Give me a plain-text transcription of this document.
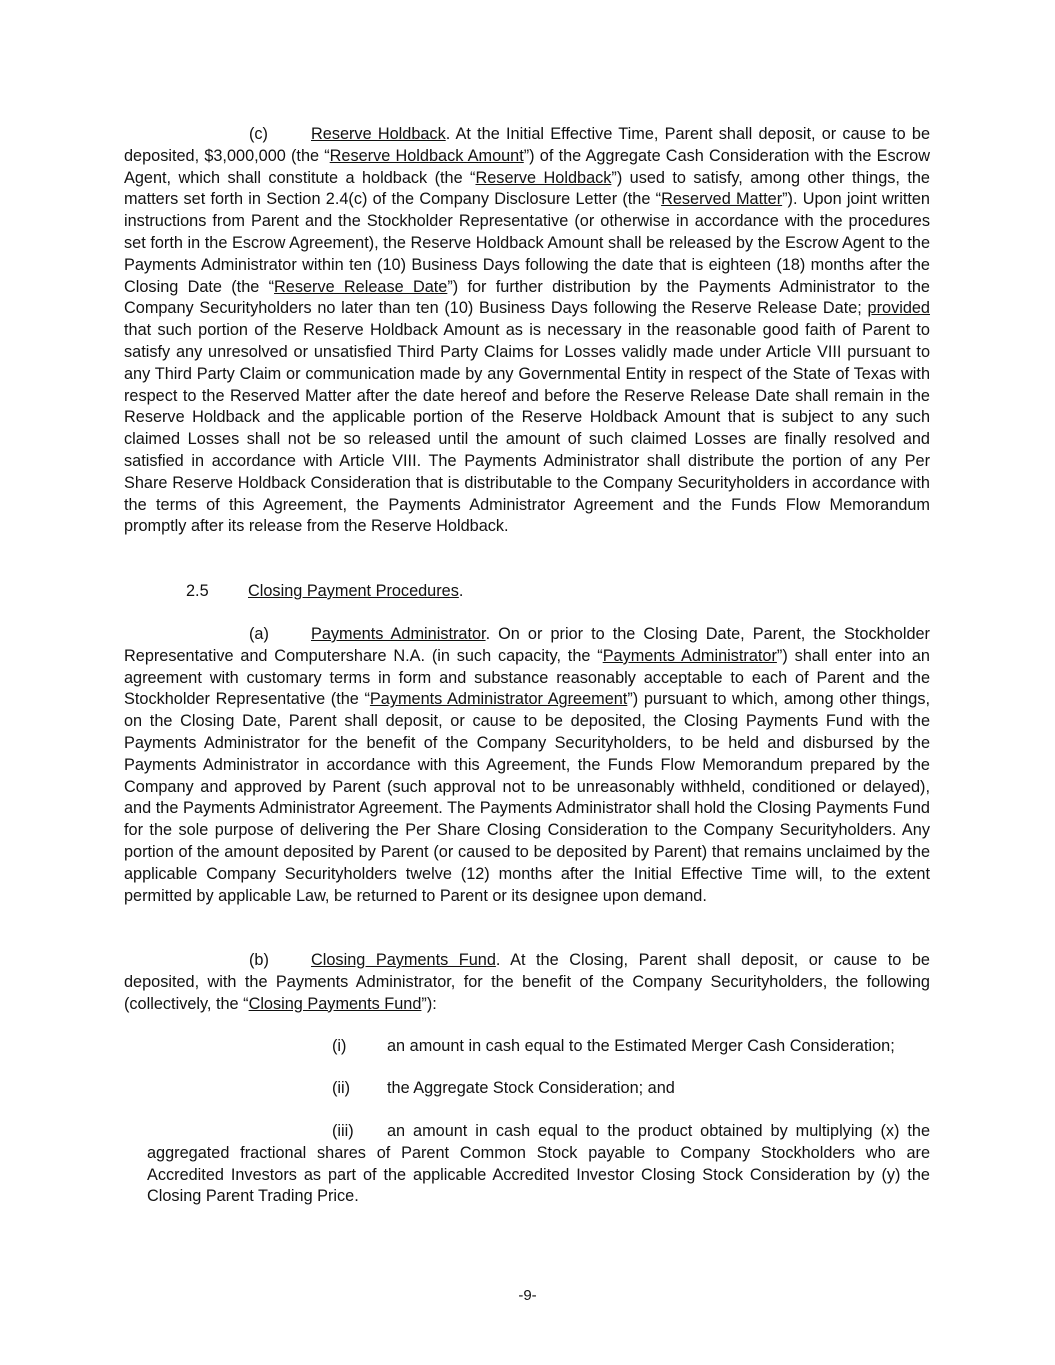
(c)	Reserve Holdback. At the Initial Effective Time, Parent shall deposit, or cause to be deposited, $3,000,000 (the “Reserve Holdback Amount”) of the Aggregate Cash Consideration with the Escrow Agent, which shall constitute a holdback (the “Reserve Holdback”) used to satisfy, among other things, the matters set forth in Section 2.4(c) of the Company Disclosure Letter (the “Reserved Matter”). Upon joint written instructions from Parent and the Stockholder Representative (or otherwise in accordance with the procedures set forth in the Escrow Agreement), the Reserve Holdback Amount shall be released by the Escrow Agent to the Payments Administrator within ten (10) Business Days following the date that is eighteen (18) months after the Closing Date (the “Reserve Release Date”) for further distribution by the Payments Administrator to the Company Securityholders no later than ten (10) Business Days following the Reserve Release Date; provided that such portion of the Reserve Holdback Amount as is necessary in the reasonable good faith of Parent to satisfy any unresolved or unsatisfied Third Party Claims for Losses validly made under Article VIII pursuant to any Third Party Claim or communication made by any Governmental Entity in respect of the State of Texas with respect to the Reserved Matter after the date hereof and before the Reserve Release Date shall remain in the Reserve Holdback and the applicable portion of the Reserve Holdback Amount that is subject to any such claimed Losses shall not be so released until the amount of such claimed Losses are finally resolved and satisfied in accordance with Article VIII. The Payments Administrator shall distribute the portion of any Per Share Reserve Holdback Consideration that is distributable to the Company Securityholders in accordance with the terms of this Agreement, the Payments Administrator Agreement and the Funds Flow Memorandum promptly after its release from the Reserve Holdback.

2.5 Closing Payment Procedures.

(a)	Payments Administrator. On or prior to the Closing Date, Parent, the Stockholder Representative and Computershare N.A. (in such capacity, the “Payments Administrator”) shall enter into an agreement with customary terms in form and substance reasonably acceptable to each of Parent and the Stockholder Representative (the “Payments Administrator Agreement”) pursuant to which, among other things, on the Closing Date, Parent shall deposit, or cause to be deposited, the Closing Payments Fund with the Payments Administrator for the benefit of the Company Securityholders, to be held and disbursed by the Payments Administrator in accordance with this Agreement, the Funds Flow Memorandum prepared by the Company and approved by Parent (such approval not to be unreasonably withheld, conditioned or delayed), and the Payments Administrator Agreement. The Payments Administrator shall hold the Closing Payments Fund for the sole purpose of delivering the Per Share Closing Consideration to the Company Securityholders. Any portion of the amount deposited by Parent (or caused to be deposited by Parent) that remains unclaimed by the applicable Company Securityholders twelve (12) months after the Initial Effective Time will, to the extent permitted by applicable Law, be returned to Parent or its designee upon demand.

(b)	Closing Payments Fund. At the Closing, Parent shall deposit, or cause to be deposited, with the Payments Administrator, for the benefit of the Company Securityholders, the following (collectively, the “Closing Payments Fund”):

(i) an amount in cash equal to the Estimated Merger Cash Consideration;
(ii) the Aggregate Stock Consideration; and

(iii) an amount in cash equal to the product obtained by multiplying (x) the aggregated fractional shares of Parent Common Stock payable to Company Stockholders who are Accredited Investors as part of the applicable Accredited Investor Closing Stock Consideration by (y) the Closing Parent Trading Price.

-9-
